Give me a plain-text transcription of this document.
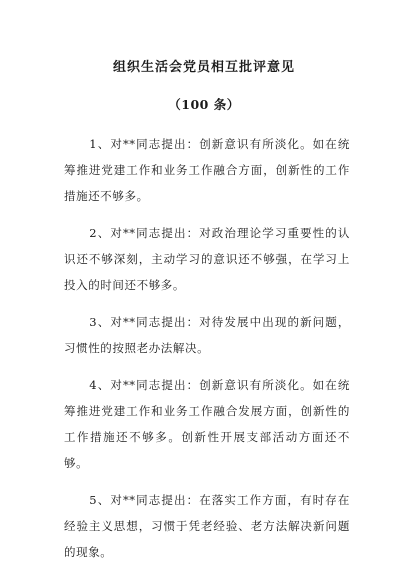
组织生活会党员相互批评意见
（100 条）

1、对**同志提出：创新意识有所淡化。如在统筹推进党建工作和业务工作融合方面，创新性的工作措施还不够多。

2、对**同志提出：对政治理论学习重要性的认识还不够深刻，主动学习的意识还不够强，在学习上投入的时间还不够多。

3、对**同志提出：对待发展中出现的新问题，习惯性的按照老办法解决。

4、对**同志提出：创新意识有所淡化。如在统筹推进党建工作和业务工作融合发展方面，创新性的工作措施还不够多。创新性开展支部活动方面还不够。

5、对**同志提出：在落实工作方面，有时存在经验主义思想，习惯于凭老经验、老方法解决新问题的现象。
